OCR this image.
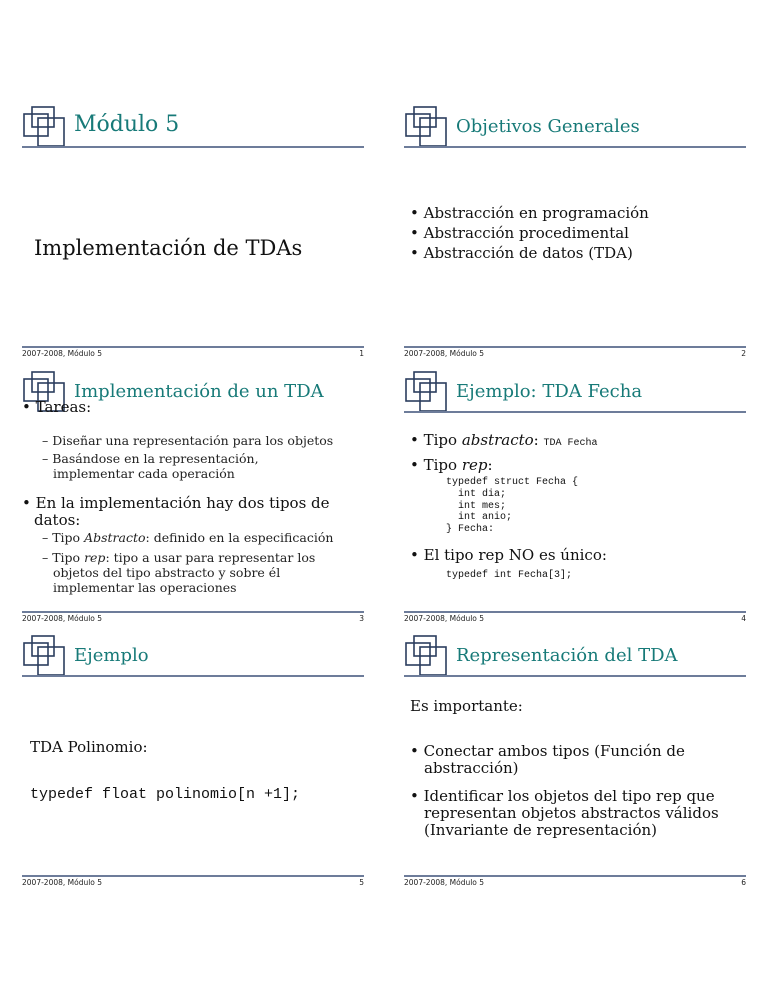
Módulo 5
Implementación de TDAs
2007-2008, Módulo 5	1
Objetivos Generales
• Abstracción en programación
• Abstracción procedimental
• Abstracción de datos (TDA)
2007-2008, Módulo 5	2
Implementación de un TDA
• Tareas:
– Diseñar una representación para los objetos
– Basándose en la representación,
implementar cada operación
• En la implementación hay dos tipos de
datos:
– Tipo Abstracto: definido en la especificación
– Tipo rep: tipo a usar para representar los
objetos del tipo abstracto y sobre él
implementar las operaciones
2007-2008, Módulo 5	3
Ejemplo: TDA Fecha
• Tipo abstracto: TDA Fecha
• Tipo rep:
typedef struct Fecha {
int dia;
int mes;
int anio;
} Fecha:
• El tipo rep NO es único:
typedef int Fecha[3];
2007-2008, Módulo 5	4
Ejemplo
TDA Polinomio:
typedef float polinomio[n +1];
2007-2008, Módulo 5	5
Representación del TDA
Es importante:
• Conectar ambos tipos (Función de
abstracción)
• Identificar los objetos del tipo rep que
representan objetos abstractos válidos
(Invariante de representación)
2007-2008, Módulo 5	6
